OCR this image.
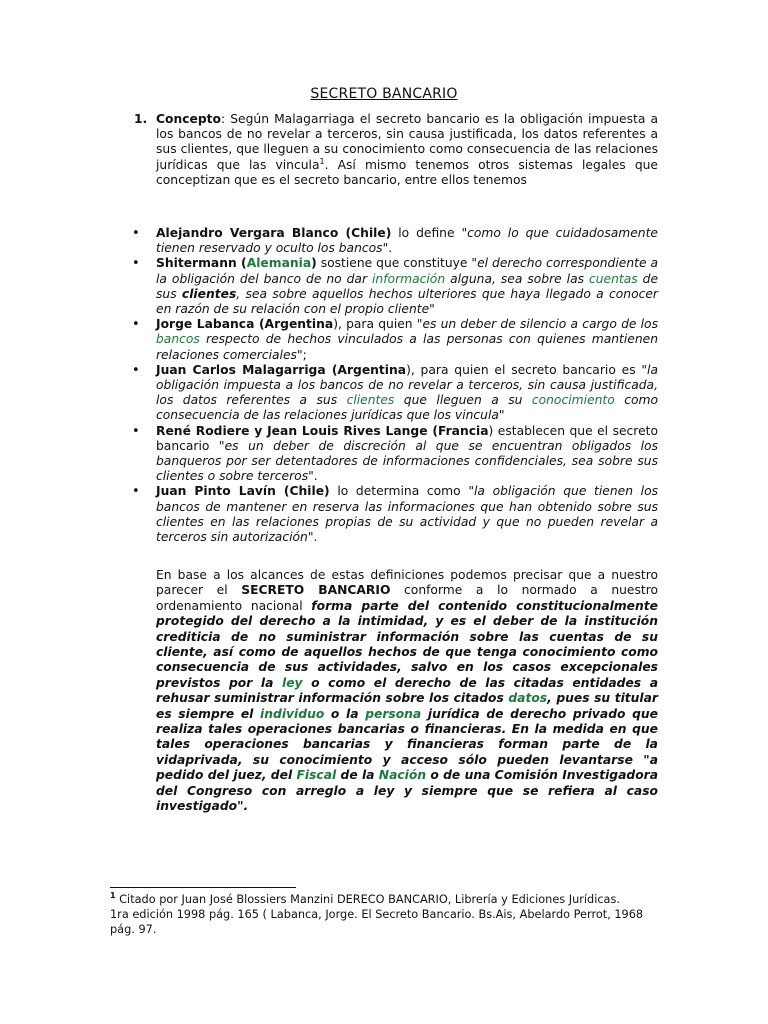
SECRETO BANCARIO
1. Concepto: Según Malagarriaga el secreto bancario es la obligación impuesta a los bancos de no revelar a terceros, sin causa justificada, los datos referentes a sus clientes, que lleguen a su conocimiento como consecuencia de las relaciones jurídicas que las vincula$^1$. Así mismo tenemos otros sistemas legales que conceptizan que es el secreto bancario, entre ellos tenemos
• Alejandro Vergara Blanco (Chile) lo define "como lo que cuidadosamente tienen reservado y oculto los bancos".
• Shitermann (Alemania) sostiene que constituye "el derecho correspondiente a la obligación del banco de no dar información alguna, sea sobre las cuentas de sus clientes, sea sobre aquellos hechos ulteriores que haya llegado a conocer en razón de su relación con el propio cliente"
• Jorge Labanca (Argentina), para quien "es un deber de silencio a cargo de los bancos respecto de hechos vinculados a las personas con quienes mantienen relaciones comerciales";
• Juan Carlos Malagarriga (Argentina), para quien el secreto bancario es "la obligación impuesta a los bancos de no revelar a terceros, sin causa justificada, los datos referentes a sus clientes que lleguen a su conocimiento como consecuencia de las relaciones jurídicas que los vincula"
• René Rodiere y Jean Louis Rives Lange (Francia) establecen que el secreto bancario "es un deber de discreción al que se encuentran obligados los banqueros por ser detentadores de informaciones confidenciales, sea sobre sus clientes o sobre terceros".
• Juan Pinto Lavín (Chile) lo determina como "la obligación que tienen los bancos de mantener en reserva las informaciones que han obtenido sobre sus clientes en las relaciones propias de su actividad y que no pueden revelar a terceros sin autorización".
En base a los alcances de estas definiciones podemos precisar que a nuestro parecer el SECRETO BANCARIO conforme a lo normado a nuestro ordenamiento nacional forma parte del contenido constitucionalmente protegido del derecho a la intimidad, y es el deber de la institución crediticia de no suministrar información sobre las cuentas de su cliente, así como de aquellos hechos de que tenga conocimiento como consecuencia de sus actividades, salvo en los casos excepcionales previstos por la ley o como el derecho de las citadas entidades a rehusar suministrar información sobre los citados datos, pues su titular es siempre el individuo o la persona jurídica de derecho privado que realiza tales operaciones bancarias o financieras. En la medida en que tales operaciones bancarias y financieras forman parte de la vidaprivada, su conocimiento y acceso sólo pueden levantarse "a pedido del juez, del Fiscal de la Nación o de una Comisión Investigadora del Congreso con arreglo a ley y siempre que se refiera al caso investigado".
$^1$ Citado por Juan José Blossiers Manzini DERECO BANCARIO, Librería y Ediciones Jurídicas.
1ra edición 1998 pág. 165 ( Labanca, Jorge. El Secreto Bancario. Bs.Ais, Abelardo Perrot, 1968 pág. 97.
